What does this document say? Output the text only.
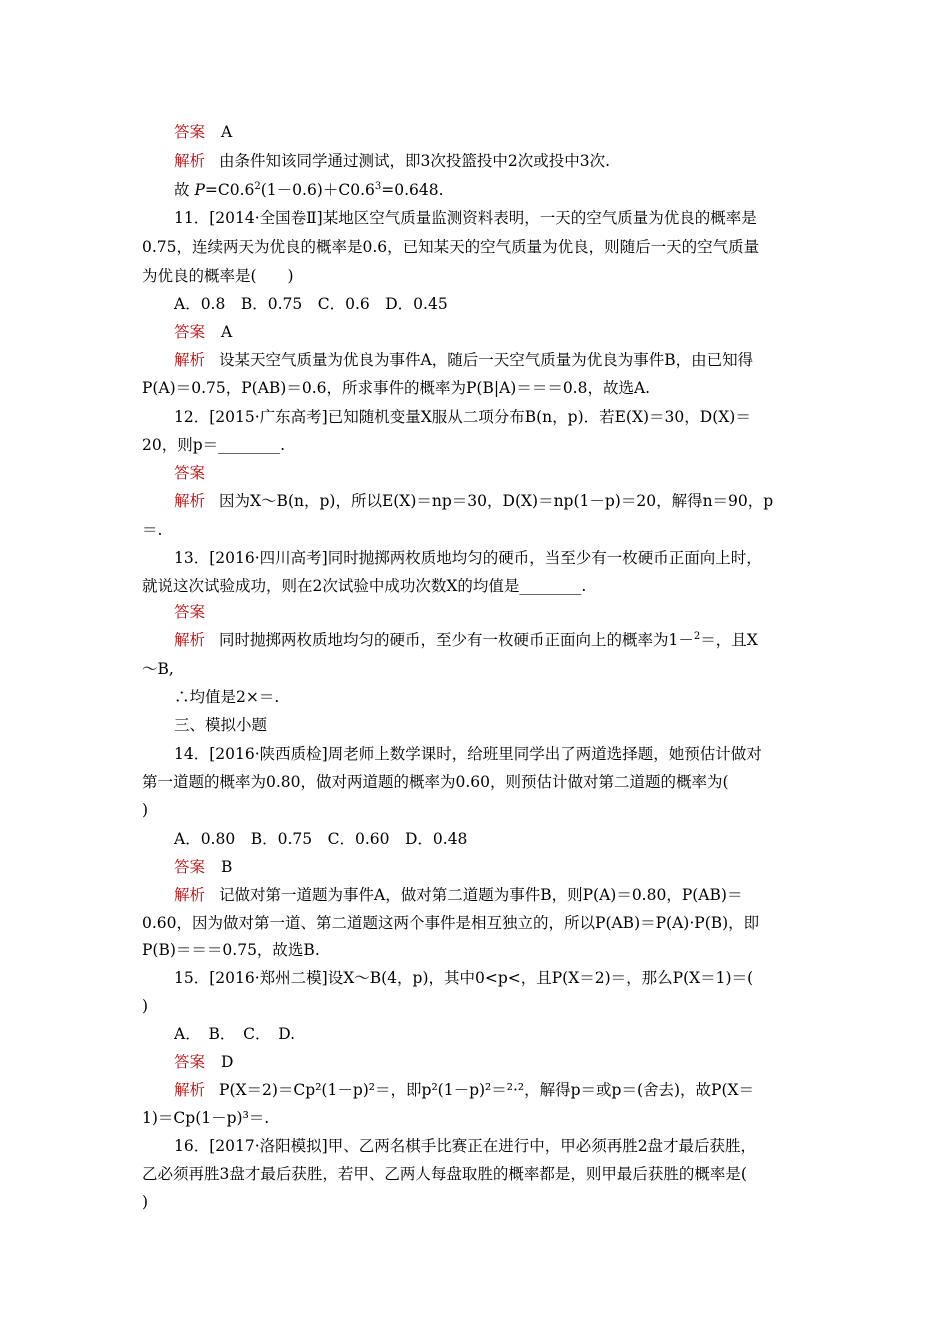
答案 A
解析 由条件知该同学通过测试，即3次投篮投中2次或投中3次.
故 $P=C0.6^2(1-0.6)+C0.6^3=0.648$.
11．[2014·全国卷Ⅱ]某地区空气质量监测资料表明，一天的空气质量为优良的概率是
0.75，连续两天为优良的概率是0.6，已知某天的空气质量为优良，则随后一天的空气质量
为优良的概率是(　　)
A．0.8　B．0.75　C．0.6　D．0.45
答案 A
解析 设某天空气质量为优良为事件A，随后一天空气质量为优良为事件B，由已知得
P(A)＝0.75，P(AB)＝0.6，所求事件的概率为P(B|A)＝＝＝0.8，故选A.
12．[2015·广东高考]已知随机变量X服从二项分布B(n，p)．若E(X)＝30，D(X)＝
20，则p＝________.
答案
解析 因为X～B(n，p)，所以E(X)＝np＝30，D(X)＝np(1－p)＝20，解得n＝90，p
＝.
13．[2016·四川高考]同时抛掷两枚质地均匀的硬币，当至少有一枚硬币正面向上时，
就说这次试验成功，则在2次试验中成功次数X的均值是________.
答案
解析 同时抛掷两枚质地均匀的硬币，至少有一枚硬币正面向上的概率为1－$^2$＝，且X
～B,
∴均值是2×＝.
三、模拟小题
14．[2016·陕西质检]周老师上数学课时，给班里同学出了两道选择题，她预估计做对
第一道题的概率为0.80，做对两道题的概率为0.60，则预估计做对第二道题的概率为(
)
A．0.80　B．0.75　C．0.60　D．0.48
答案 B
解析 记做对第一道题为事件A，做对第二道题为事件B，则P(A)＝0.80，P(AB)＝
0.60，因为做对第一道、第二道题这两个事件是相互独立的，所以P(AB)＝P(A)·P(B)，即
P(B)＝＝＝0.75，故选B.
15．[2016·郑州二模]设X～B(4，p)，其中0<p<，且P(X＝2)＝，那么P(X＝1)＝(
)
A．　B．　C．　D.
答案 D
解析 P(X＝2)＝Cp²(1－p)²＝，即p²(1－p)²＝²·²，解得p＝或p＝(舍去)，故P(X＝
1)＝Cp(1－p)³＝.
16．[2017·洛阳模拟]甲、乙两名棋手比赛正在进行中，甲必须再胜2盘才最后获胜，
乙必须再胜3盘才最后获胜，若甲、乙两人每盘取胜的概率都是，则甲最后获胜的概率是(
)
